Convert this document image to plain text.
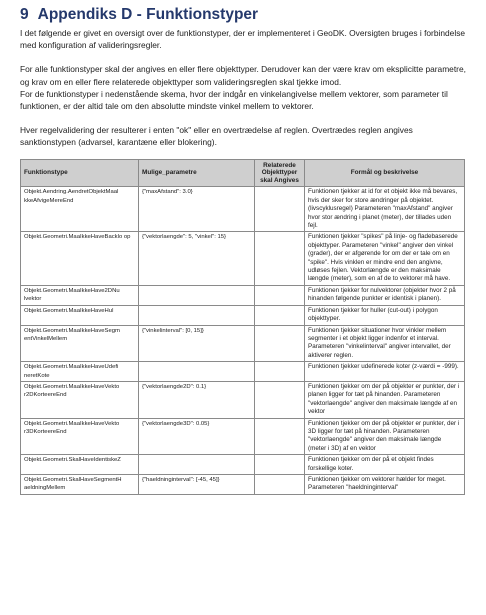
9 Appendiks D - Funktionstyper

I det følgende er givet en oversigt over de funktionstyper, der er implementeret i GeoDK. Oversigten bruges i forbindelse med konfiguration af valideringsregler.

For alle funktionstyper skal der angives en eller flere objekttyper. Derudover kan der være krav om eksplicitte parametre, og krav om en eller flere relaterede objekttyper som valideringsreglen skal tjekke imod.

For de funktionstyper i nedenstående skema, hvor der indgår en vinkelangivelse mellem vektorer, som parameter til funktionen, er der altid tale om den absolutte mindste vinkel mellem to vektorer.

Hver regelvalidering der resulterer i enten "ok" eller en overtrædelse af reglen. Overtrædes reglen angives sanktionstypen (advarsel, karantæne eller blokering).

Funktionstype	Mulige_parametre	Relaterede Objekttyper skal Angives	Formål og beskrivelse
Objekt.Aendring.AendretObjektMaal kkeAfvigeMereEnd	{"maxAfstand": 3.0}		Funktionen tjekker at id for et objekt ikke må bevares, hvis der sker for store ændringer på objektet. (livscyklusregel) Parameteren "maxAfstand" angiver hvor stor ændring i planet (meter), der tillades uden fejl.
Objekt.Geometri.MaaIkkeHaveBacklo op	{"vektorlaengde": 5, "vinkel": 15}		Funktionen tjekker "spikes" på linje- og fladebaserede objekttyper. Parameteren "vinkel" angiver den vinkel (grader), der er afgørende for om der er tale om en "spike". Hvis vinklen er mindre end den angivne, udløses fejlen. Vektorlængde er den maksimale længde (meter), som en af de to vektorer må have.
Objekt.Geometri.MaaIkkeHave2DNu lvektor			Funktionen tjekker for nulvektorer (objekter hvor 2 på hinanden følgende punkter er identisk i planen).
Objekt.Geometri.MaaIkkeHaveHul			Funktionen tjekker for huller (cut-out) i polygon objekttyper.
Objekt.Geometri.MaaIkkeHaveSegm entVinkelMellem	{"vinkelinterval": [0, 15]}		Funktionen tjekker situationer hvor vinkler mellem segmenter i et objekt ligger indenfor et interval. Parameteren "vinkelinterval" angiver intervallet, der aktiverer reglen.
Objekt.Geometri.MaaIkkeHaveUdefi neretKote			Funktionen tjekker udefinerede koter (z-værdi = -999).
Objekt.Geometri.MaaIkkeHaveVekto r2DKorteereEnd	{"vektorlaengde2D": 0.1}		Funktionen tjekker om der på objekter er punkter, der i planen ligger for tæt på hinanden. Parameteren "vektorlaengde" angiver den maksimale længde af en vektor
Objekt.Geometri.MaaIkkeHaveVekto r3DKorteereEnd	{"vektorlaengde3D": 0.05}		Funktionen tjekker om der på objekter er punkter, der i 3D ligger for tæt på hinanden. Parameteren "vektorlaengde" angiver den maksimale længde (meter i 3D) af en vektor
Objekt.Geometri.SkalHaveIdentiskeZ			Funktionen tjekker om der på et objekt findes forskellige koter.
Objekt.Geometri.SkalHaveSegmentH aeldningMellem	{"haeldninginterval": [-45, 45]}		Funktionen tjekker om vektorer hælder for meget. Parameteren "haeldninginterval"
